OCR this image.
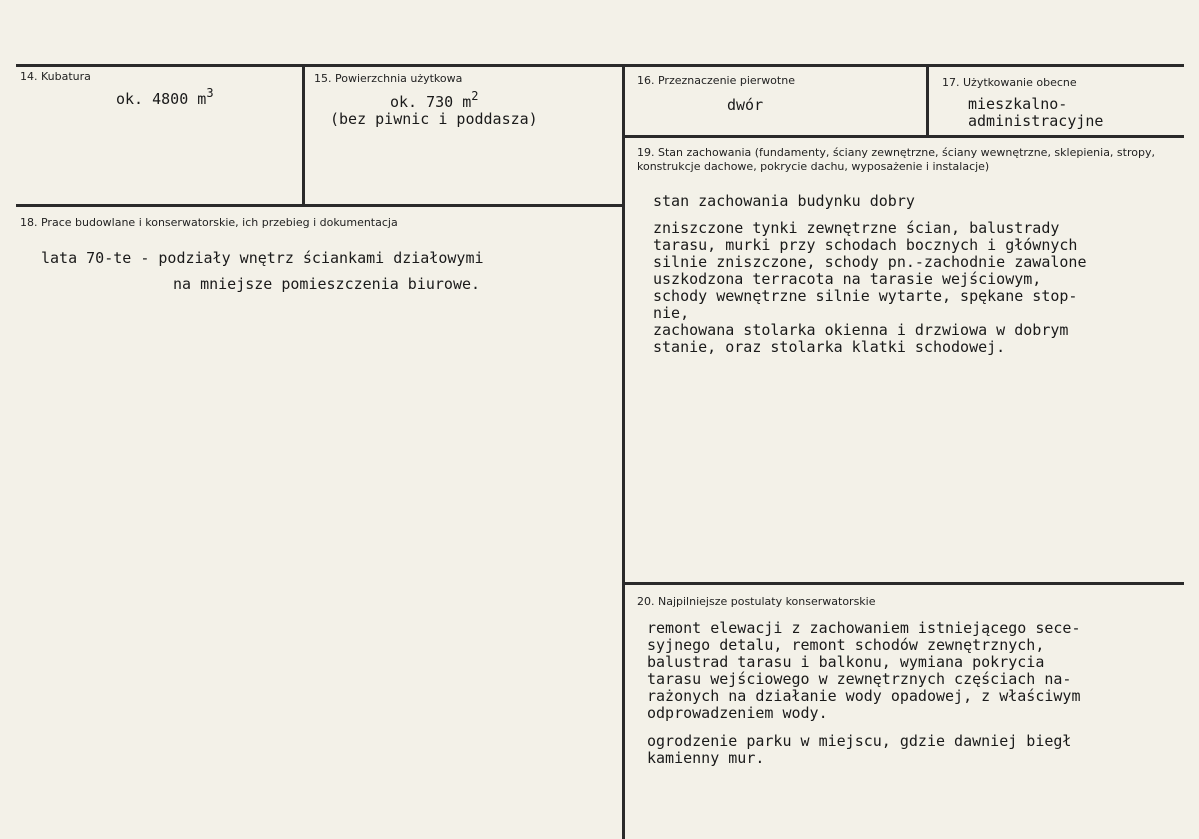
14. Kubatura
ok. 4800 $m^3$
15. Powierzchnia użytkowa
ok. 730 $m^2$
(bez piwnic i poddasza)
16. Przeznaczenie pierwotne
dwór
17. Użytkowanie obecne
mieszkalno-
administracyjne
19. Stan zachowania (fundamenty, ściany zewnętrzne, ściany wewnętrzne, sklepienia, stropy, konstrukcje dachowe, pokrycie dachu, wyposażenie i instalacje)
stan zachowania budynku dobry
zniszczone tynki zewnętrzne ścian, balustrady
tarasu, murki przy schodach bocznych i głównych
silnie zniszczone, schody pn.-zachodnie zawalone
uszkodzona terracota na tarasie wejściowym,
schody wewnętrzne silnie wytarte, spękane stop-
nie,
zachowana stolarka okienna i drzwiowa w dobrym
stanie, oraz stolarka klatki schodowej.
18. Prace budowlane i konserwatorskie, ich przebieg i dokumentacja
lata 70-te - podziały wnętrz ściankami działowymi
na mniejsze pomieszczenia biurowe.
20. Najpilniejsze postulaty konserwatorskie
remont elewacji z zachowaniem istniejącego sece-
syjnego detalu, remont schodów zewnętrznych,
balustrad tarasu i balkonu, wymiana pokrycia
tarasu wejściowego w zewnętrznych częściach na-
rażonych na działanie wody opadowej, z właściwym
odprowadzeniem wody.
ogrodzenie parku w miejscu, gdzie dawniej biegł
kamienny mur.
